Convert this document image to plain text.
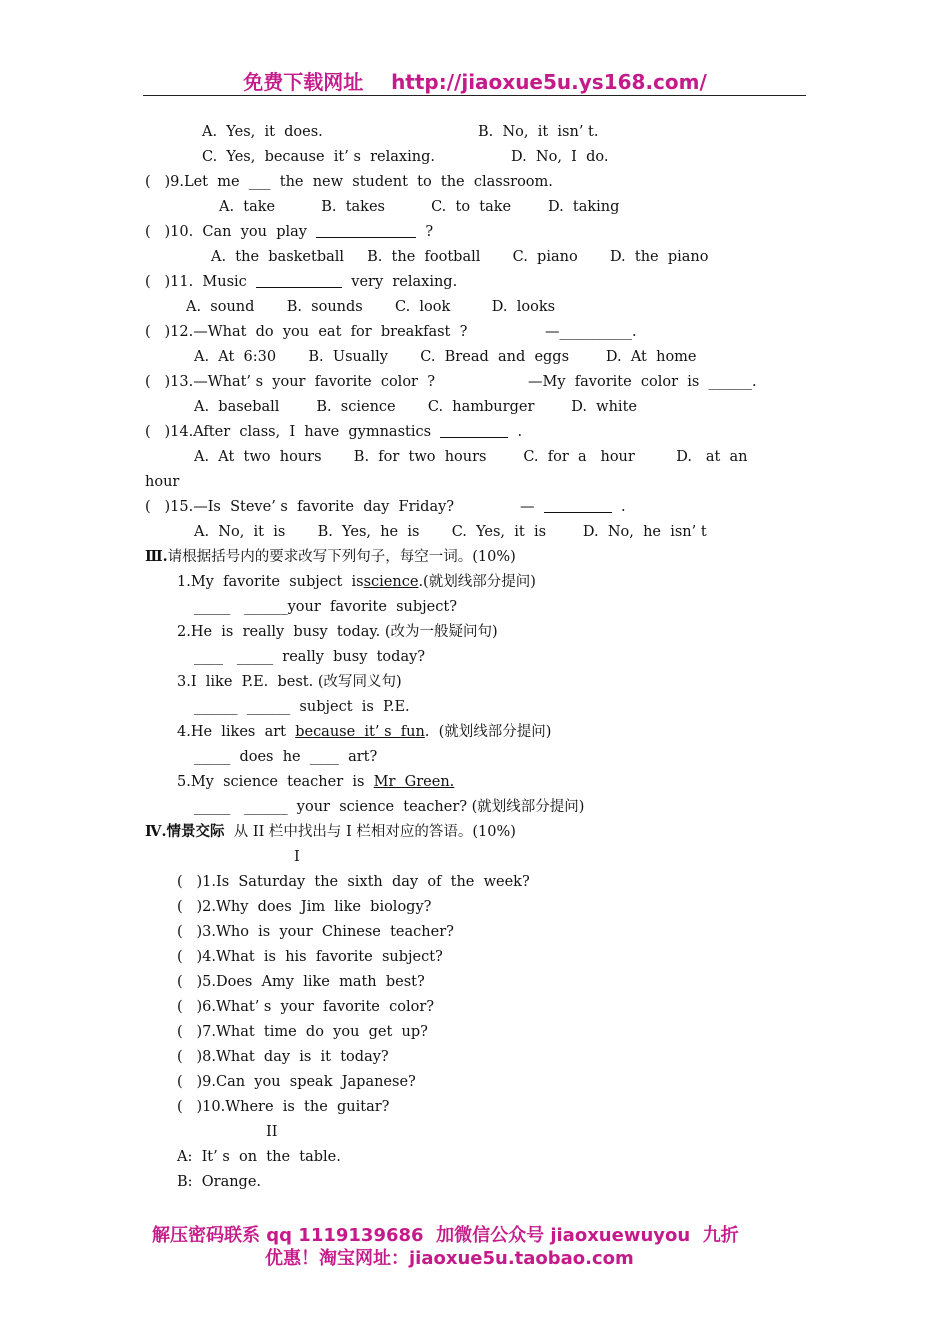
免费下载网址 http://jiaoxue5u.ys168.com/
A.  Yes,  it  does.	B.  No,  it  isn’ t.
C.  Yes,  because  it’ s  relaxing.	D.  No,  I  do.
(   )9.Let  me  ___  the  new  student  to  the  classroom.
A.  take          B.  takes          C.  to  take        D.  taking
(   )10.  Can  you  play	?
A.  the  basketball     B.  the  football       C.  piano       D.  the  piano
(   )11.  Music	very  relaxing.
A.  sound       B.  sounds       C.  look         D.  looks
(   )12.—What  do  you  eat  for  breakfast  ?	—__________.
A.  At  6:30       B.  Usually       C.  Bread  and  eggs        D.  At  home
(   )13.—What’ s  your  favorite  color  ?	—My  favorite  color  is  ______.
A.  baseball        B.  science       C.  hamburger        D.  white
(   )14.After  class,  I  have  gymnastics	.
A.  At  two  hours       B.  for  two  hours        C.  for  a   hour         D.   at  an
hour
(   )15.—Is  Steve’ s  favorite  day  Friday?	—	.
A.  No,  it  is       B.  Yes,  he  is       C.  Yes,  it  is        D.  No,  he  isn’ t
Ⅲ.请根据括号内的要求改写下列句子，每空一词。(10%)
1.My  favorite  subject  isscience.(就划线部分提问)
_____   ______your  favorite  subject?
2.He  is  really  busy  today. (改为一般疑问句)
____   _____  really  busy  today?
3.I  like  P.E.  best. (改写同义句)
______  ______  subject  is  P.E.
4.He  likes  art because  it’ s  fun.  (就划线部分提问)
_____  does  he  ____  art?
5.My  science  teacher  is Mr  Green.
_____   ______  your  science  teacher? (就划线部分提问)
Ⅳ.情景交际  从 II 栏中找出与 I 栏相对应的答语。(10%)
I
(   )1.Is  Saturday  the  sixth  day  of  the  week?
(   )2.Why  does  Jim  like  biology?
(   )3.Who  is  your  Chinese  teacher?
(   )4.What  is  his  favorite  subject?
(   )5.Does  Amy  like  math  best?
(   )6.What’ s  your  favorite  color?
(   )7.What  time  do  you  get  up?
(   )8.What  day  is  it  today?
(   )9.Can  you  speak  Japanese?
(   )10.Where  is  the  guitar?
II
A:  It’ s  on  the  table.
B:  Orange.
解压密码联系 qq 1119139686  加微信公众号 jiaoxuewuyou  九折
优惠！淘宝网址：jiaoxue5u.taobao.com
